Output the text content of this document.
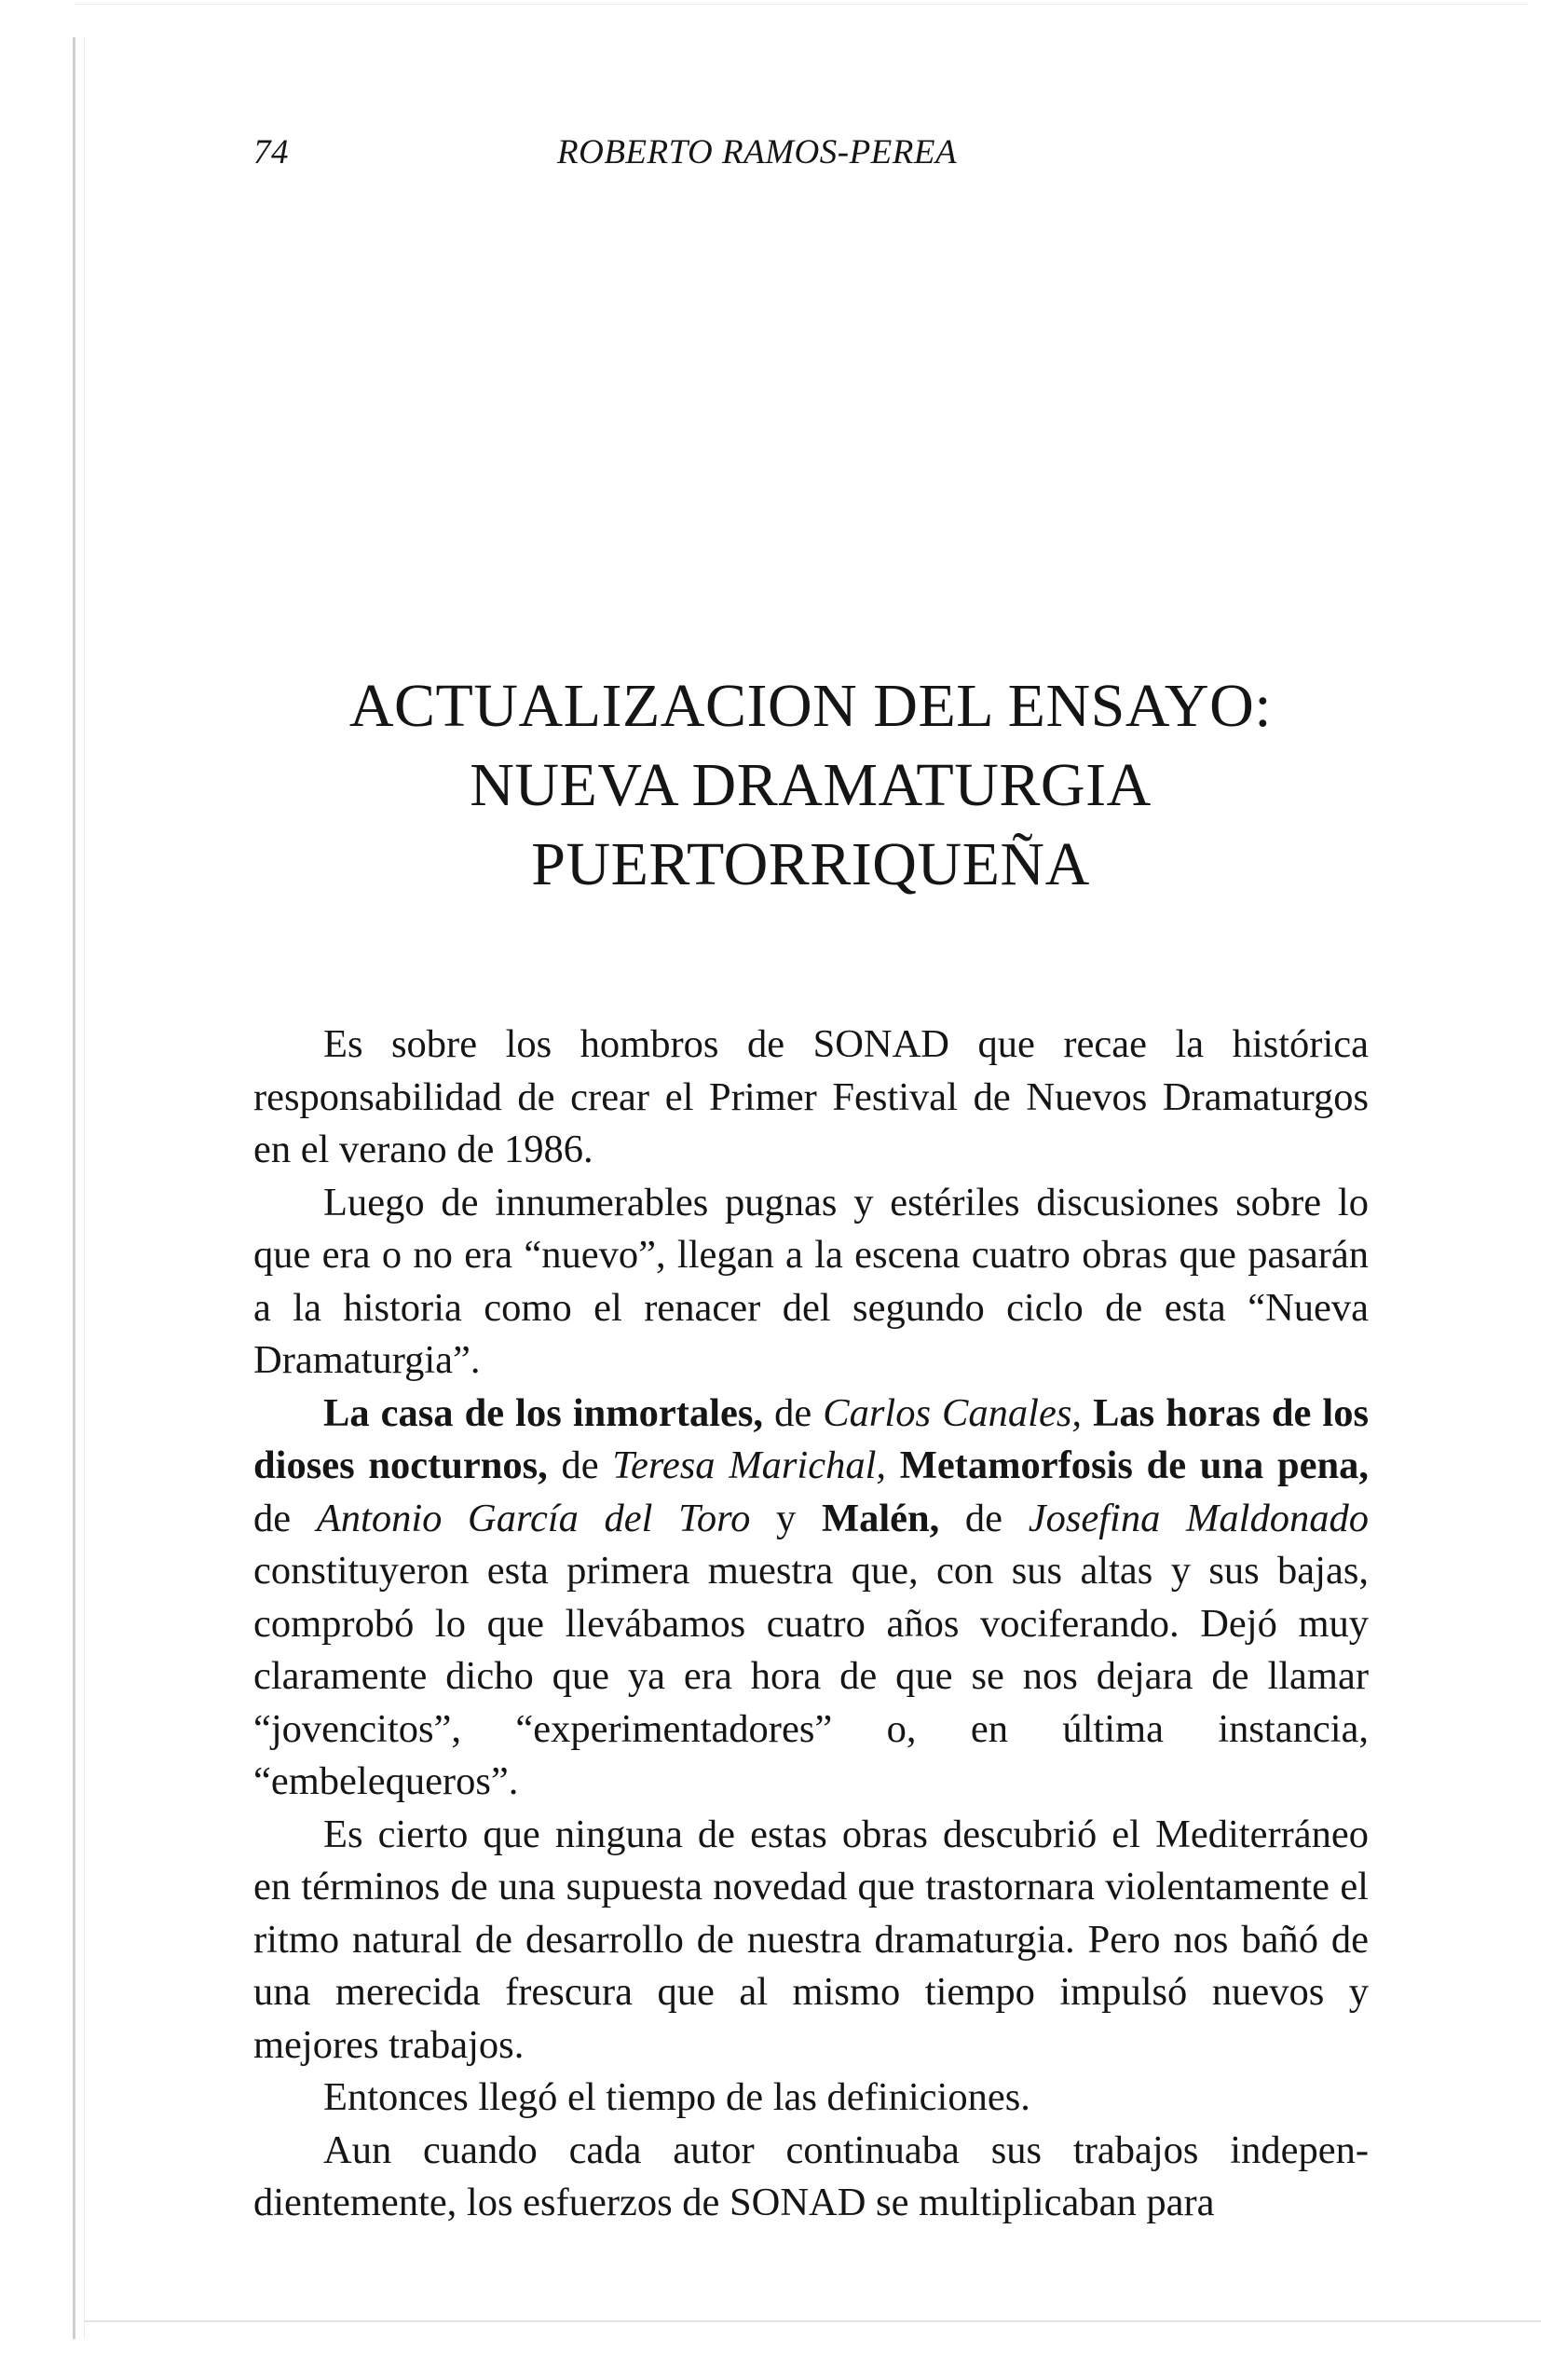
74	ROBERTO RAMOS-PEREA
ACTUALIZACION DEL ENSAYO:
NUEVA DRAMATURGIA
PUERTORRIQUEÑA

Es sobre los hombros de SONAD que recae la histórica responsabilidad de crear el Primer Festival de Nuevos Dramaturgos en el verano de 1986.

Luego de innumerables pugnas y estériles discusiones sobre lo que era o no era “nuevo”, llegan a la escena cuatro obras que pasarán a la historia como el renacer del segundo ciclo de esta “Nueva Dramaturgia”.

La casa de los inmortales, de Carlos Canales, Las horas de los dioses nocturnos, de Teresa Marichal, Metamorfosis de una pena, de Antonio García del Toro y Malén, de Josefina Maldonado constituyeron esta primera muestra que, con sus altas y sus bajas, comprobó lo que llevábamos cuatro años vociferando. Dejó muy claramente dicho que ya era hora de que se nos dejara de llamar “jovencitos”, “experimentadores” o, en última instancia, “embelequeros”.

Es cierto que ninguna de estas obras descubrió el Mediterráneo en términos de una supuesta novedad que trastornara violentamente el ritmo natural de desarrollo de nuestra dramaturgia. Pero nos bañó de una merecida frescura que al mismo tiempo impulsó nuevos y mejores trabajos.

Entonces llegó el tiempo de las definiciones.

Aun cuando cada autor continuaba sus trabajos independientemente, los esfuerzos de SONAD se multiplicaban para
